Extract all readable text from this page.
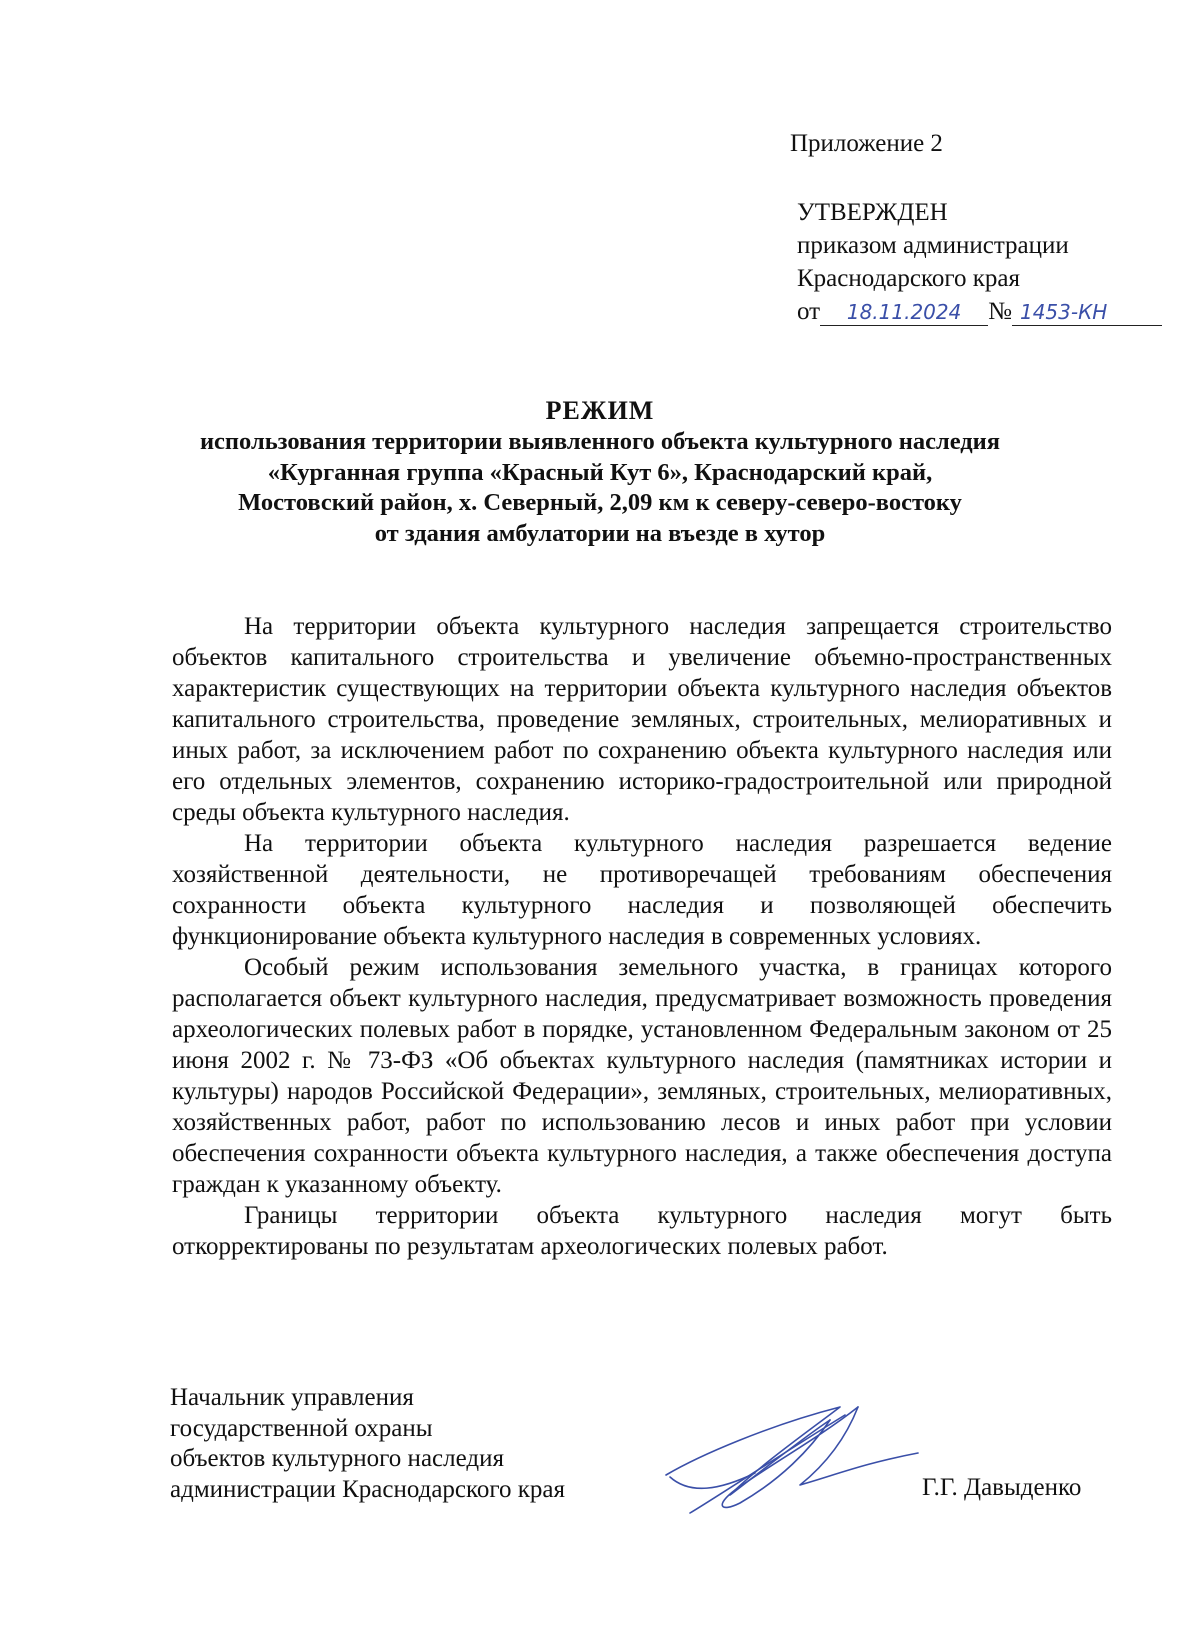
Приложение 2
УТВЕРЖДЕН
приказом администрации
Краснодарского края
от 18.11.2024 № 1453-КН
РЕЖИМ
использования территории выявленного объекта культурного наследия
«Курганная группа «Красный Кут 6», Краснодарский край,
Мостовский район, х. Северный, 2,09 км к северу-северо-востоку
от здания амбулатории на въезде в хутор

На территории объекта культурного наследия запрещается строительство объектов капитального строительства и увеличение объемно-пространственных характеристик существующих на территории объекта культурного наследия объектов капитального строительства, проведение земляных, строительных, мелиоративных и иных работ, за исключением работ по сохранению объекта культурного наследия или его отдельных элементов, сохранению историко-градостроительной или природной среды объекта культурного наследия.

На территории объекта культурного наследия разрешается ведение хозяйственной деятельности, не противоречащей требованиям обеспечения сохранности объекта культурного наследия и позволяющей обеспечить функционирование объекта культурного наследия в современных условиях.

Особый режим использования земельного участка, в границах которого располагается объект культурного наследия, предусматривает возможность проведения археологических полевых работ в порядке, установленном Федеральным законом от 25 июня 2002 г. № 73-ФЗ «Об объектах культурного наследия (памятниках истории и культуры) народов Российской Федерации», земляных, строительных, мелиоративных, хозяйственных работ, работ по использованию лесов и иных работ при условии обеспечения сохранности объекта культурного наследия, а также обеспечения доступа граждан к указанному объекту.

Границы территории объекта культурного наследия могут быть откорректированы по результатам археологических полевых работ.

Начальник управления
государственной охраны
объектов культурного наследия
администрации Краснодарского края	Г.Г. Давыденко
